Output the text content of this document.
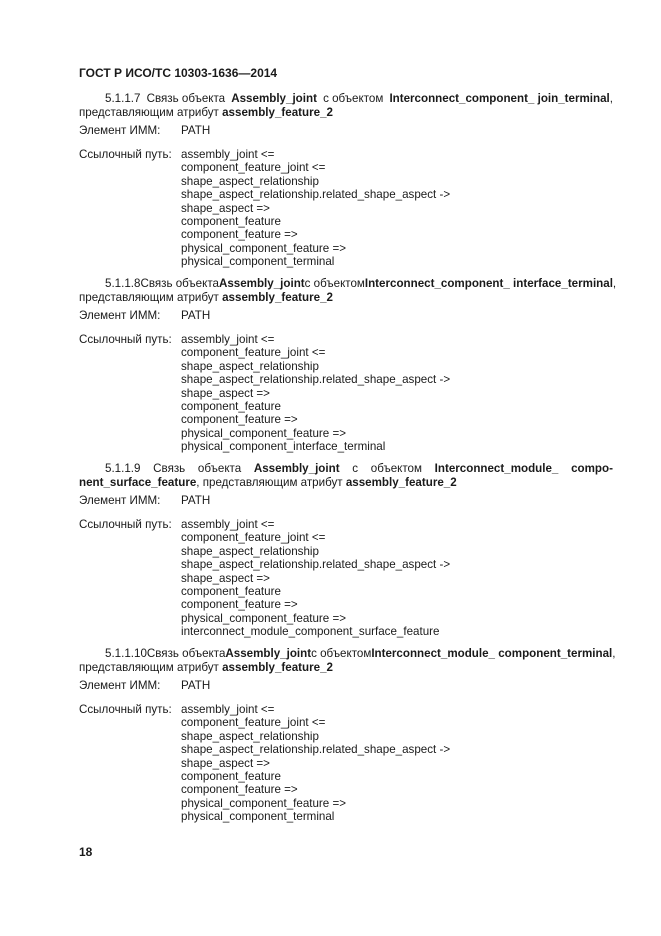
ГОСТ Р ИСО/ТС 10303-1636—2014
5.1.1.7 Связь объекта Assembly_joint с объектом Interconnect_component_ join_terminal,
представляющим атрибут assembly_feature_2
Элемент ИММ: PATH
Ссылочный путь: assembly_joint <=
component_feature_joint <=
shape_aspect_relationship
shape_aspect_relationship.related_shape_aspect ->
shape_aspect =>
component_feature
component_feature =>
physical_component_feature =>
physical_component_terminal
5.1.1.8 Связь объекта Assembly_joint с объектом Interconnect_component_ interface_terminal,
представляющим атрибут assembly_feature_2
Элемент ИММ: PATH
Ссылочный путь: assembly_joint <=
component_feature_joint <=
shape_aspect_relationship
shape_aspect_relationship.related_shape_aspect ->
shape_aspect =>
component_feature
component_feature =>
physical_component_feature =>
physical_component_interface_terminal
5.1.1.9 Связь объекта Assembly_joint с объектом Interconnect_module_ compo-
nent_surface_feature, представляющим атрибут assembly_feature_2
Элемент ИММ: PATH
Ссылочный путь: assembly_joint <=
component_feature_joint <=
shape_aspect_relationship
shape_aspect_relationship.related_shape_aspect ->
shape_aspect =>
component_feature
component_feature =>
physical_component_feature =>
interconnect_module_component_surface_feature
5.1.1.10 Связь объекта Assembly_joint с объектом Interconnect_module_ component_terminal,
представляющим атрибут assembly_feature_2
Элемент ИММ: PATH
Ссылочный путь: assembly_joint <=
component_feature_joint <=
shape_aspect_relationship
shape_aspect_relationship.related_shape_aspect ->
shape_aspect =>
component_feature
component_feature =>
physical_component_feature =>
physical_component_terminal
18
